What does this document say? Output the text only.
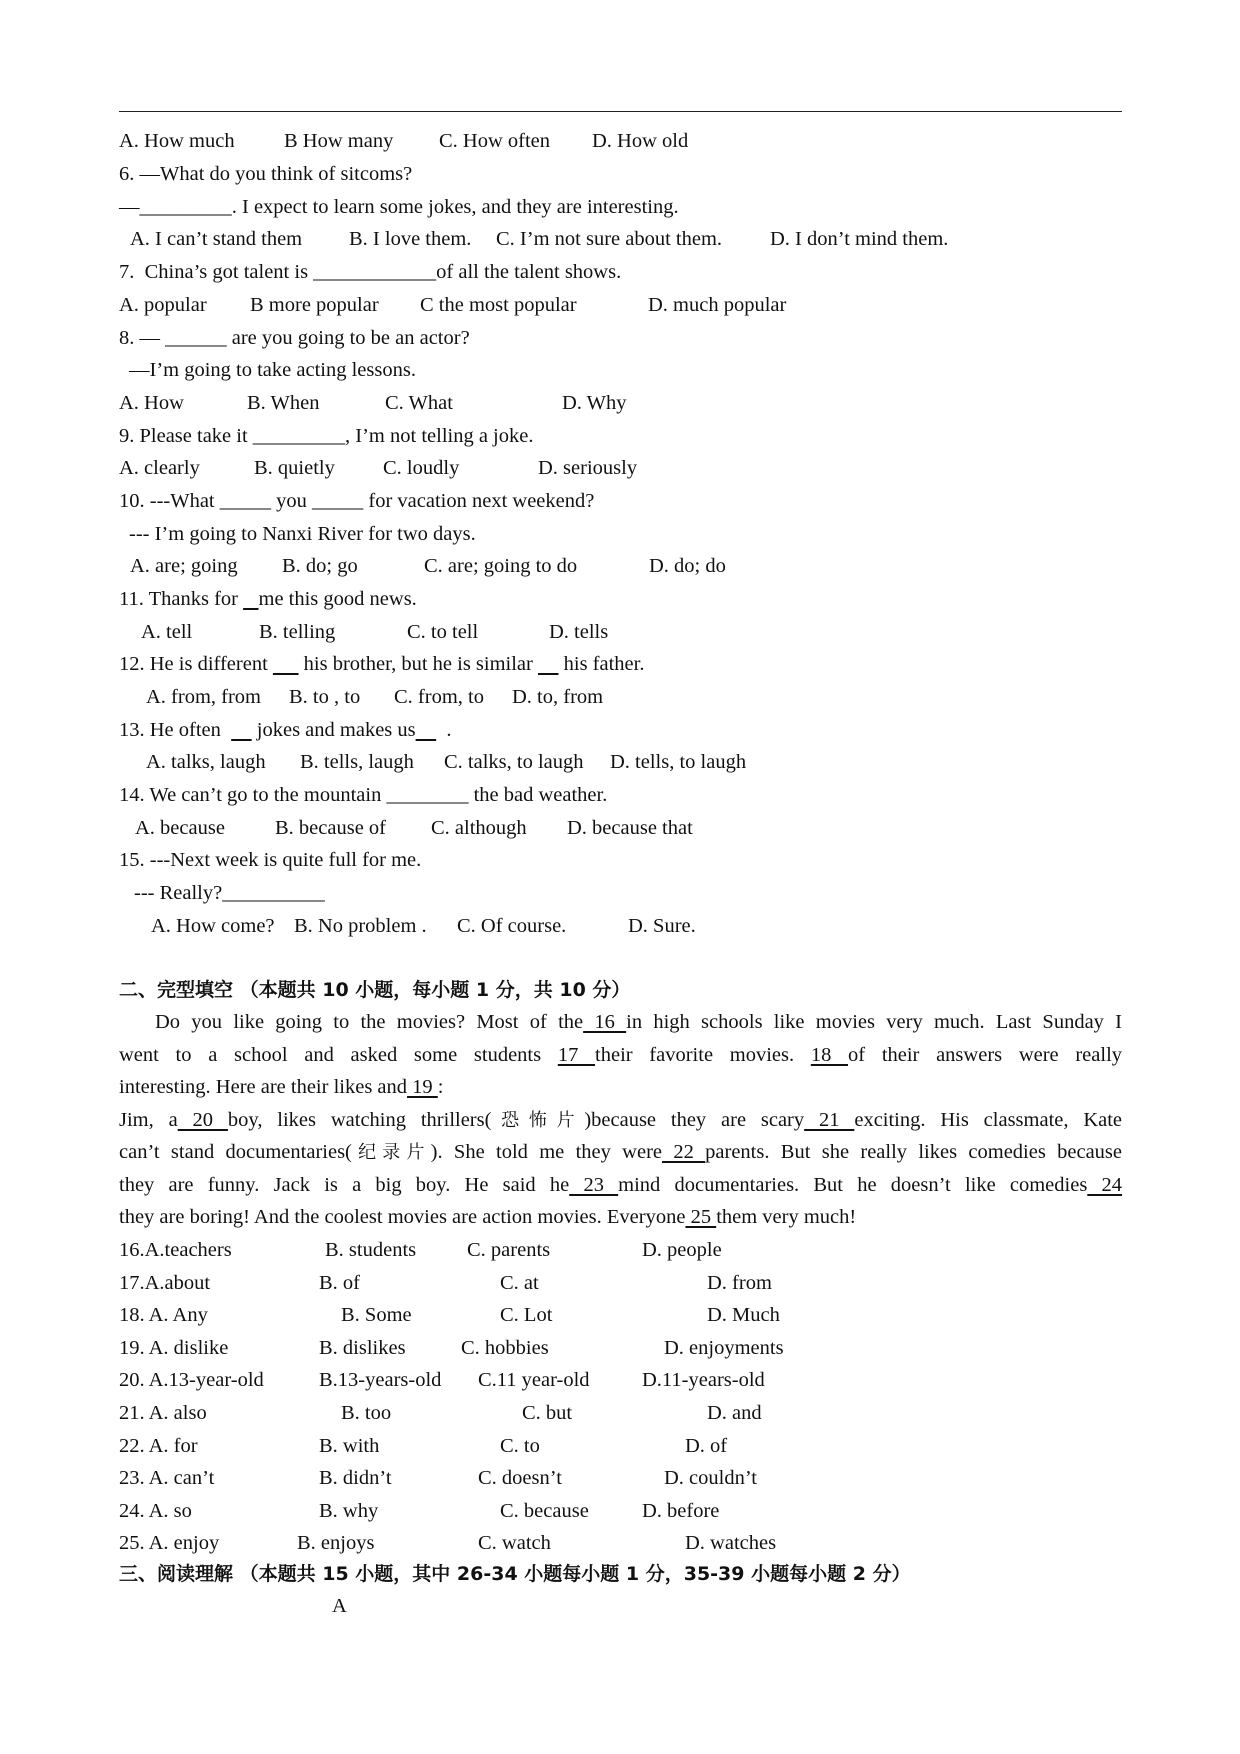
A. How much

B How many

C. How often

D. How old

6. —What do you think of sitcoms?
—_________. I expect to learn some jokes, and they are interesting.

A. I can’t stand them

B. I love them.

C. I’m not sure about them.

D. I don’t mind them.

7.  China’s got talent is ____________of all the talent shows.

A. popular

B more popular

C the most popular

	D. much popular

8. — ______ are you going to be an actor?
—I’m going to take acting lessons.

A. How

	B. When

	C. What

	D. Why

9. Please take it _________, I’m not telling a joke.

A. clearly

	B. quietly

C. loudly

	D. seriously

10. ---What _____ you _____ for vacation next weekend?
--- I’m going to Nanxi River for two days.

A. are; going

B. do; go

	C. are; going to do

	D. do; do

11. Thanks for    me this good news.

A. tell

	B. telling

	C. to tell

	D. tells

12. He is different       his brother, but he is similar      his father.

A. from, from

B. to , to

C. from, to

D. to, from

13. He often       jokes and makes us      .

A. talks, laugh

B. tells, laugh

C. talks, to laugh

D. tells, to laugh

14. We can’t go to the mountain ________ the bad weather.

A. because

B. because of

C. although

D. because that

15. ---Next week is quite full for me.
--- Really?__________

A. How come?

B. No problem .

C. Of course.

	D. Sure.

二、完型填空 （本题共 10 小题，每小题 1 分，共 10 分）
Do you like going to the movies? Most of the 16 in high schools like movies very much. Last Sunday I
went to a school and asked some students 17 their favorite movies. 18 of their answers were really
interesting. Here are their likes and 19 :
Jim, a 20 boy, likes watching thrillers(恐怖片)because they are scary 21 exciting. His classmate, Kate
can’t stand documentaries(纪录片). She told me they were 22 parents. But she really likes comedies because
they are funny. Jack is a big boy. He said he 23 mind documentaries. But he doesn’t like comedies 24
they are boring! And the coolest movies are action movies. Everyone 25 them very much!
16.A.teachers	B. students C. parents	D. people
17.A.about	B. of	C. at	D. from
18. A. Any	B. Some	C. Lot	D. Much
19. A. dislike	B. dislikes	C. hobbies	D. enjoyments
20. A.13-year-old	B.13-years-old C.11 year-old	D.11-years-old
21. A. also	B. too	C. but	D. and
22. A. for	B. with	C. to	D. of
23. A. can’t	B. didn’t	C. doesn’t	D. couldn’t
24. A. so	B. why	C. because	D. before
25. A. enjoy	B. enjoys	C. watch	D. watches
三、阅读理解 （本题共 15 小题，其中 26-34 小题每小题 1 分，35-39 小题每小题 2 分）
A
